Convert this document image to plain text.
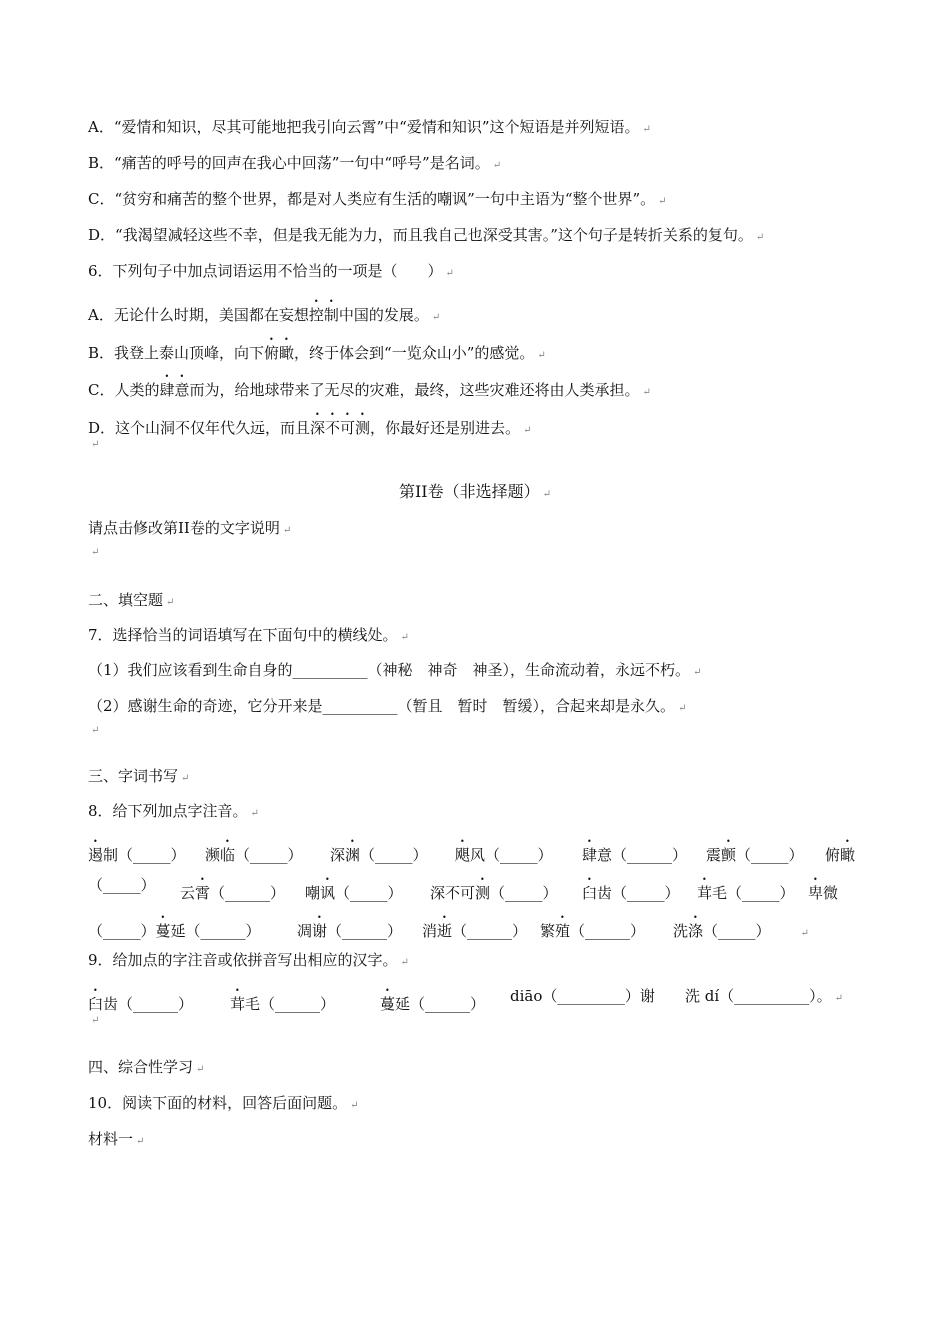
A．“爱情和知识，尽其可能地把我引向云霄”中“爱情和知识”这个短语是并列短语。 ↵
B．“痛苦的呼号的回声在我心中回荡”一句中“呼号”是名词。 ↵
C．“贫穷和痛苦的整个世界，都是对人类应有生活的嘲讽”一句中主语为“整个世界”。 ↵
D．“我渴望减轻这些不幸，但是我无能为力，而且我自己也深受其害。”这个句子是转折关系的复句。 ↵
6．下列句子中加点词语运用不恰当的一项是（　　） ↵
A．无论什么时期，美国都在妄想控制中国的发展。 ↵
B．我登上泰山顶峰，向下俯瞰，终于体会到“一览众山小”的感觉。 ↵
C．人类的肆意而为，给地球带来了无尽的灾难，最终，这些灾难还将由人类承担。 ↵
D．这个山洞不仅年代久远，而且深不可测，你最好还是别进去。 ↵
↵
第II卷（非选择题） ↵
请点击修改第II卷的文字说明 ↵
↵
二、填空题 ↵
7．选择恰当的词语填写在下面句中的横线处。 ↵
（1）我们应该看到生命自身的__________（神秘　神奇　神圣），生命流动着，永远不朽。 ↵
（2）感谢生命的奇迹，它分开来是__________（暂且　暂时　暂缓），合起来却是永久。 ↵
↵
三、字词书写 ↵
8．给下列加点字注音。 ↵
遏制（_____） 濒临（_____） 深渊（_____） 飓风（_____） 肆意（______） 震颤（_____） 俯瞰
（_____） 云霄（______） 嘲讽（_____） 深不可测（_____） 臼齿（_____） 茸毛（_____） 卑微
（_____）蔓延（______） 凋谢（______） 消逝（______） 繁殖（______） 洗涤（_____）	↵
9．给加点的字注音或依拼音写出相应的汉字。 ↵
臼齿（______） 茸毛（______）	蔓延（______） diāo（_________）谢 洗 dí（__________）。 ↵
↵
四、综合性学习 ↵
10．阅读下面的材料，回答后面问题。 ↵
材料一 ↵
